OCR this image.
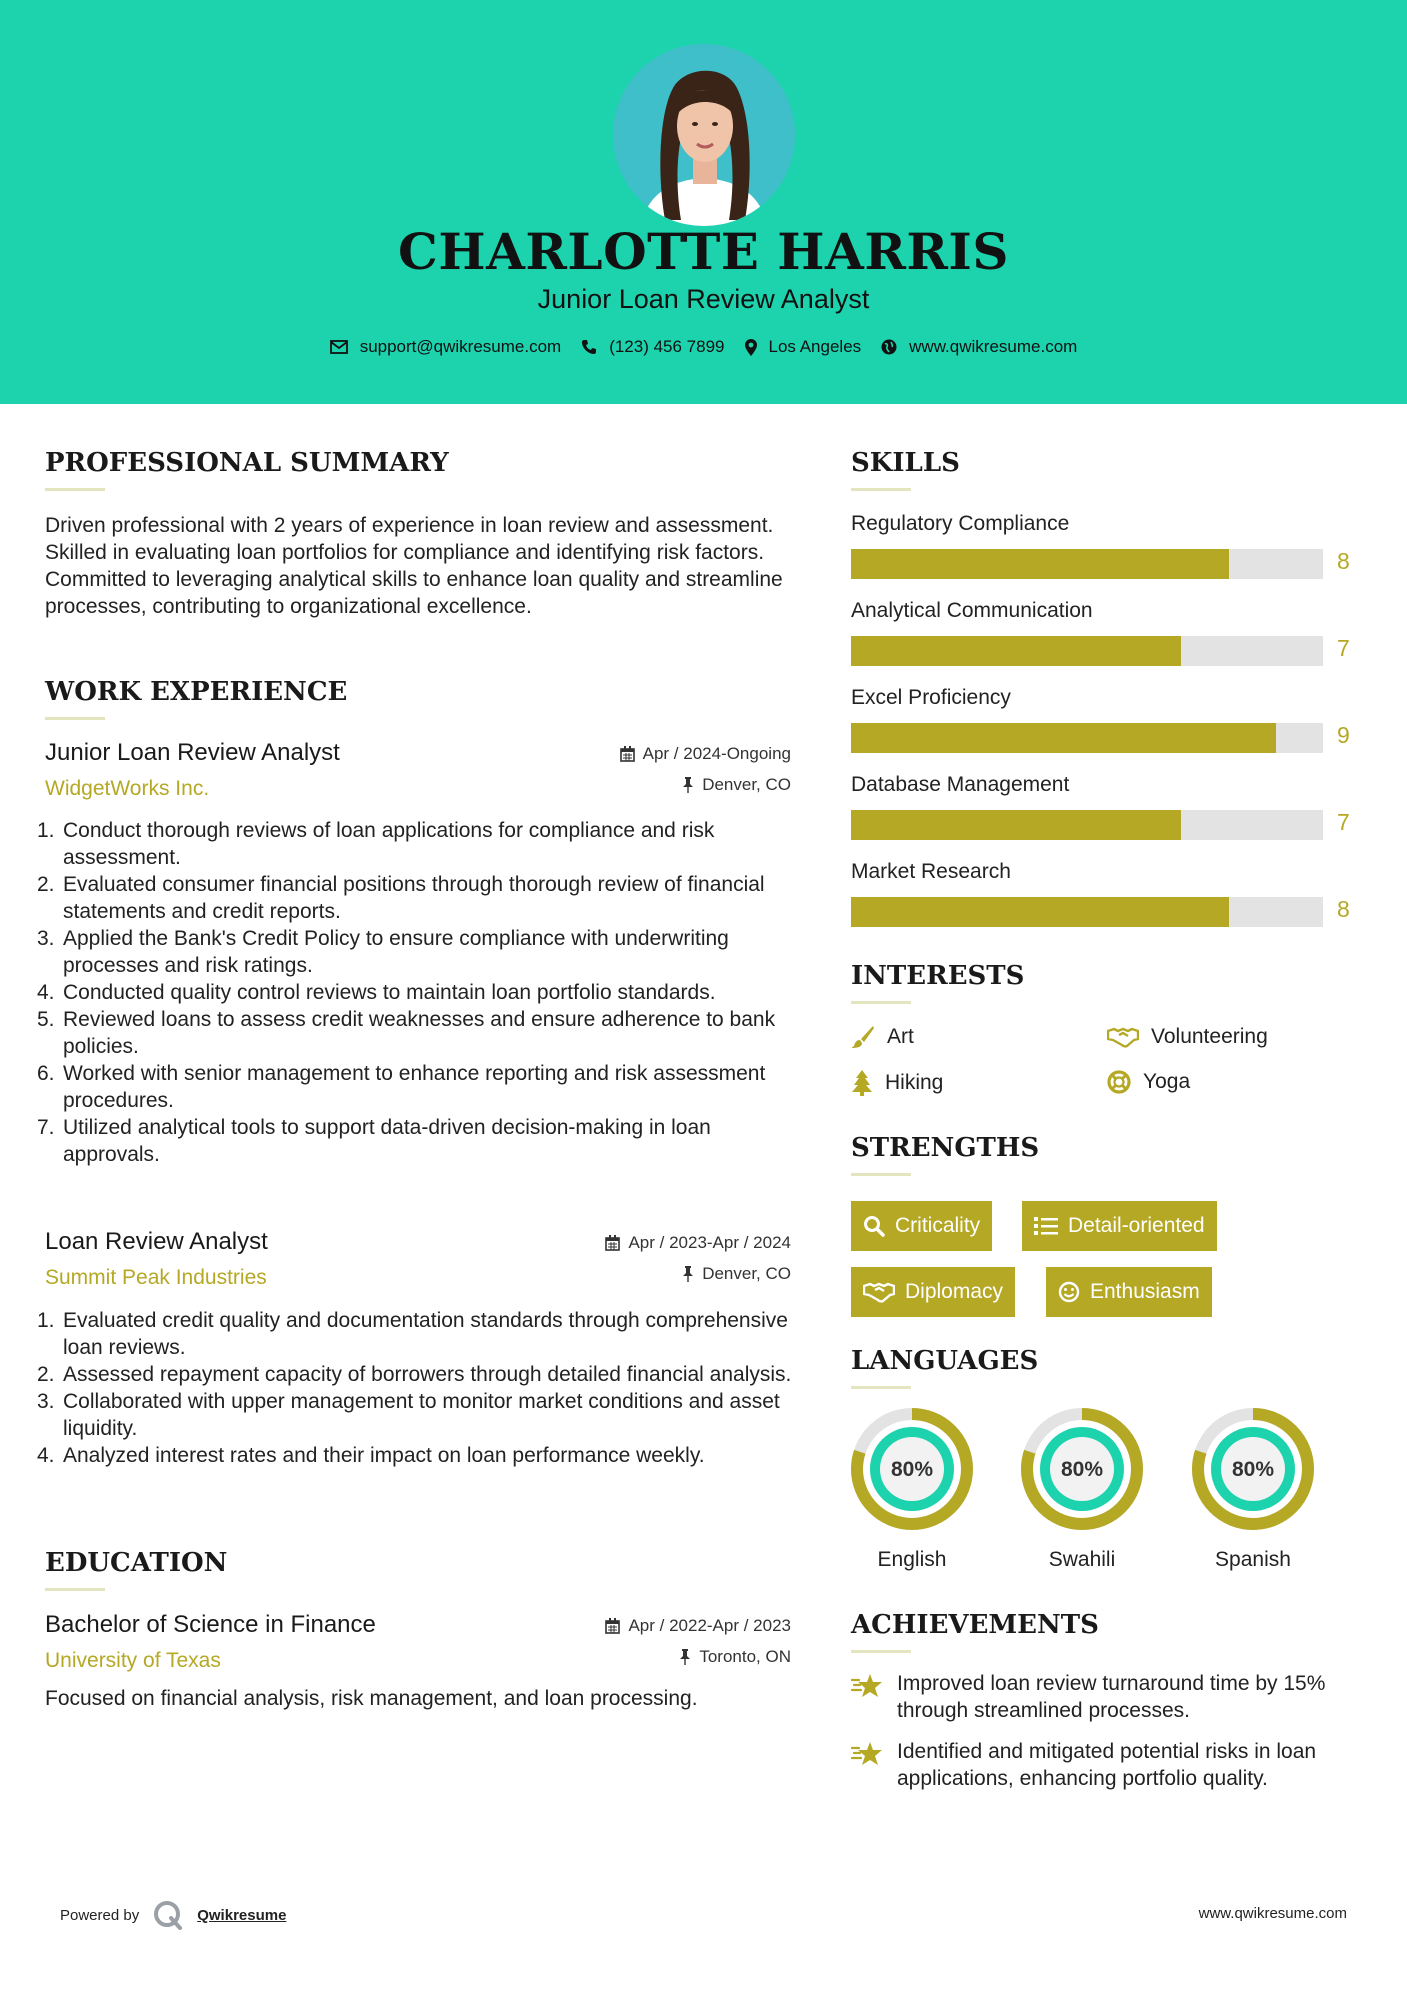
CHARLOTTE HARRIS
Junior Loan Review Analyst
support@qwikresume.com	(123) 456 7899	Los Angeles	www.qwikresume.com
PROFESSIONAL SUMMARY
Driven professional with 2 years of experience in loan review and assessment. Skilled in evaluating loan portfolios for compliance and identifying risk factors. Committed to leveraging analytical skills to enhance loan quality and streamline processes, contributing to organizational excellence.
WORK EXPERIENCE
Junior Loan Review Analyst
WidgetWorks Inc.
Apr / 2024-Ongoing
Denver, CO
1. Conduct thorough reviews of loan applications for compliance and risk assessment.
2. Evaluated consumer financial positions through thorough review of financial statements and credit reports.
3. Applied the Bank's Credit Policy to ensure compliance with underwriting processes and risk ratings.
4. Conducted quality control reviews to maintain loan portfolio standards.
5. Reviewed loans to assess credit weaknesses and ensure adherence to bank policies.
6. Worked with senior management to enhance reporting and risk assessment procedures.
7. Utilized analytical tools to support data-driven decision-making in loan approvals.
Loan Review Analyst
Summit Peak Industries
Apr / 2023-Apr / 2024
Denver, CO
1. Evaluated credit quality and documentation standards through comprehensive loan reviews.
2. Assessed repayment capacity of borrowers through detailed financial analysis.
3. Collaborated with upper management to monitor market conditions and asset liquidity.
4. Analyzed interest rates and their impact on loan performance weekly.
EDUCATION
Bachelor of Science in Finance
University of Texas
Apr / 2022-Apr / 2023
Toronto, ON
Focused on financial analysis, risk management, and loan processing.
SKILLS
Regulatory Compliance
8
Analytical Communication
7
Excel Proficiency
9
Database Management
7
Market Research
8
INTERESTS
Art	Volunteering
Hiking	Yoga
STRENGTHS
Criticality	Detail-oriented
Diplomacy	Enthusiasm
LANGUAGES
80%
English
80%
Swahili
80%
Spanish
ACHIEVEMENTS
Improved loan review turnaround time by 15% through streamlined processes.
Identified and mitigated potential risks in loan applications, enhancing portfolio quality.
Powered by	Qwikresume	www.qwikresume.com
